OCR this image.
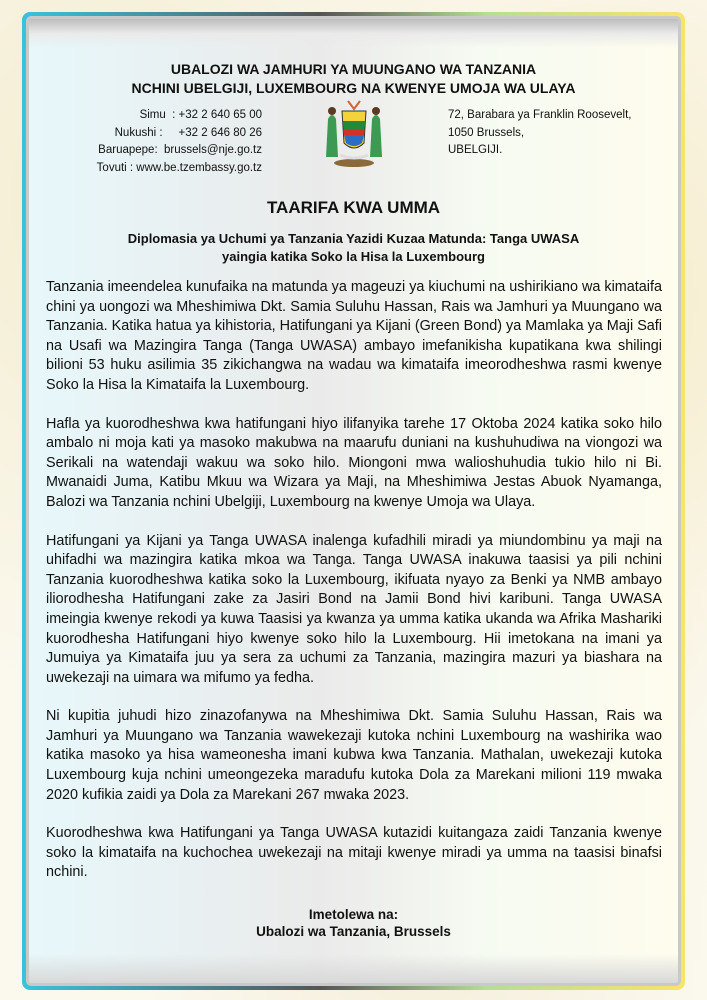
UBALOZI WA JAMHURI YA MUUNGANO WA TANZANIA
NCHINI UBELGIJI, LUXEMBOURG NA KWENYE UMOJA WA ULAYA
Simu  : +32 2 640 65 00
Nukushi :     +32 2 646 80 26
Baruapepe:  brussels@nje.go.tz
Tovuti : www.be.tzembassy.go.tz
72, Barabara ya Franklin Roosevelt,
1050 Brussels,
UBELGIJI.
TAARIFA KWA UMMA
Diplomasia ya Uchumi ya Tanzania Yazidi Kuzaa Matunda: Tanga UWASA
yaingia katika Soko la Hisa la Luxembourg

Tanzania imeendelea kunufaika na matunda ya mageuzi ya kiuchumi na ushirikiano wa kimataifa chini ya uongozi wa Mheshimiwa Dkt. Samia Suluhu Hassan, Rais wa Jamhuri ya Muungano wa Tanzania. Katika hatua ya kihistoria, Hatifungani ya Kijani (Green Bond) ya Mamlaka ya Maji Safi na Usafi wa Mazingira Tanga (Tanga UWASA) ambayo imefanikisha kupatikana kwa shilingi bilioni 53 huku asilimia 35 zikichangwa na wadau wa kimataifa imeorodheshwa rasmi kwenye Soko la Hisa la Kimataifa la Luxembourg.

Hafla ya kuorodheshwa kwa hatifungani hiyo ilifanyika tarehe 17 Oktoba 2024 katika soko hilo ambalo ni moja kati ya masoko makubwa na maarufu duniani na kushuhudiwa na viongozi wa Serikali na watendaji wakuu wa soko hilo. Miongoni mwa walioshuhudia tukio hilo ni Bi. Mwanaidi Juma, Katibu Mkuu wa Wizara ya Maji, na Mheshimiwa Jestas Abuok Nyamanga, Balozi wa Tanzania nchini Ubelgiji, Luxembourg na kwenye Umoja wa Ulaya.

Hatifungani ya Kijani ya Tanga UWASA inalenga kufadhili miradi ya miundombinu ya maji na uhifadhi wa mazingira katika mkoa wa Tanga. Tanga UWASA inakuwa taasisi ya pili nchini Tanzania kuorodheshwa katika soko la Luxembourg, ikifuata nyayo za Benki ya NMB ambayo iliorodhesha Hatifungani zake za Jasiri Bond na Jamii Bond hivi karibuni. Tanga UWASA imeingia kwenye rekodi ya kuwa Taasisi ya kwanza ya umma katika ukanda wa Afrika Mashariki kuorodhesha Hatifungani hiyo kwenye soko hilo la Luxembourg. Hii imetokana na imani ya Jumuiya ya Kimataifa juu ya sera za uchumi za Tanzania, mazingira mazuri ya biashara na uwekezaji na uimara wa mifumo ya fedha.

Ni kupitia juhudi hizo zinazofanywa na Mheshimiwa Dkt. Samia Suluhu Hassan, Rais wa Jamhuri ya Muungano wa Tanzania wawekezaji kutoka nchini Luxembourg na washirika wao katika masoko ya hisa wameonesha imani kubwa kwa Tanzania. Mathalan, uwekezaji kutoka Luxembourg kuja nchini umeongezeka maradufu kutoka Dola za Marekani milioni 119 mwaka 2020 kufikia zaidi ya Dola za Marekani 267 mwaka 2023.

Kuorodheshwa kwa Hatifungani ya Tanga UWASA kutazidi kuitangaza zaidi Tanzania kwenye soko la kimataifa na kuchochea uwekezaji na mitaji kwenye miradi ya umma na taasisi binafsi nchini.

Imetolewa na:
Ubalozi wa Tanzania, Brussels
